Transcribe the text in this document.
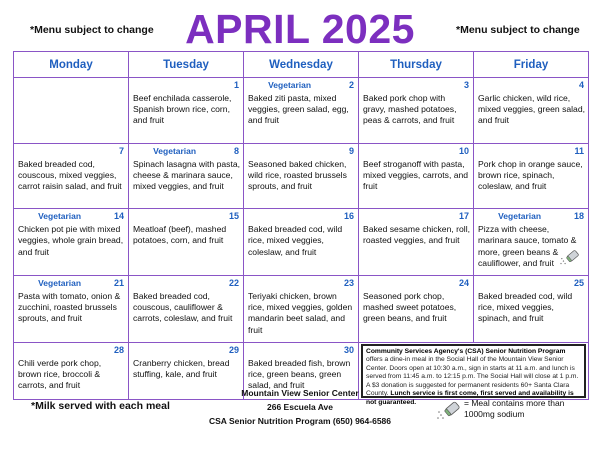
*Menu subject to change APRIL 2025	*Menu subject to change
Monday	Tuesday	Wednesday	Thursday	Friday

	1
Beef enchilada casserole, Spanish brown rice, corn, and fruit	2
Vegetarian
Baked ziti pasta, mixed veggies, green salad, egg, and fruit	3
Baked pork chop with gravy, mashed potatoes, peas & carrots, and fruit	4
Garlic chicken, wild rice, mixed veggies, green salad, and fruit

7
Baked breaded cod, couscous, mixed veggies, carrot raisin salad, and fruit	8
Vegetarian
Spinach lasagna with pasta, cheese & marinara sauce, mixed veggies, and fruit	9
Seasoned baked chicken, wild rice, roasted brussels sprouts, and fruit	10
Beef stroganoff with pasta, mixed veggies, carrots, and fruit	11
Pork chop in orange sauce, brown rice, spinach, coleslaw, and fruit

14
Vegetarian
Chicken pot pie with mixed veggies, whole grain bread, and fruit	15
Meatloaf (beef), mashed potatoes, corn, and fruit	16
Baked breaded cod, wild rice, mixed veggies, coleslaw, and fruit	17
Baked sesame chicken, roll, roasted veggies, and fruit	18
Vegetarian
Pizza with cheese, marinara sauce, tomato & more, green beans & cauliflower, and fruit

21
Vegetarian
Pasta with tomato, onion & zucchini, roasted brussels sprouts, and fruit	22
Baked breaded cod, couscous, cauliflower & carrots, coleslaw, and fruit	23
Teriyaki chicken, brown rice, mixed veggies, golden mandarin beet salad, and fruit	24
Seasoned pork chop, mashed sweet potatoes, green beans, and fruit	25
Baked breaded cod, wild rice, mixed veggies, spinach, and fruit

28
Chili verde pork chop, brown rice, broccoli & carrots, and fruit	29
Cranberry chicken, bread stuffing, kale, and fruit	30
Baked breaded fish, brown rice, green beans, green salad, and fruit	Community Services Agency's (CSA) Senior Nutrition Program
offers a dine-in meal in the Social Hall of the Mountain View Senior Center. Doors open at 10:30 a.m., sign in starts at 11 a.m. and lunch is served from 11:45 a.m. to 12:15 p.m. The Social Hall will close at 1 p.m. A $3 donation is suggested for permanent residents 60+ Santa Clara County. Lunch service is first come, first served and availability is not guaranteed.	
*Milk served with each meal
Mountain View Senior Center
266 Escuela Ave
CSA Senior Nutrition Program (650) 964-6586
= Meal contains more than 1000mg sodium
